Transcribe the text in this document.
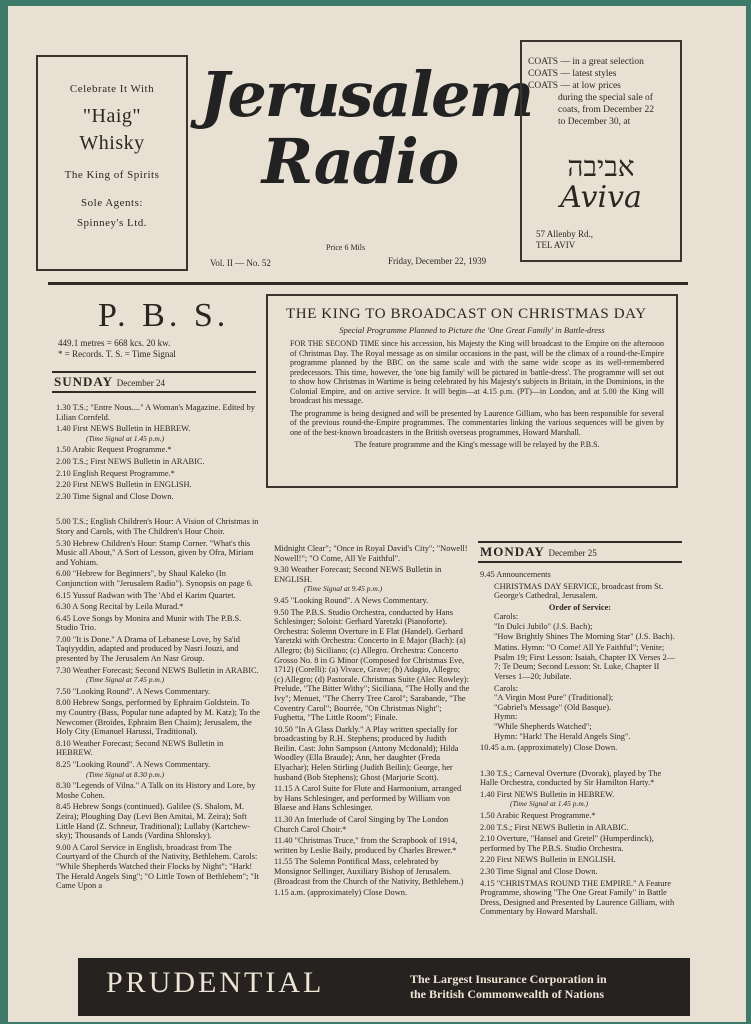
Celebrate It With
"Haig"
Whisky
The King of Spirits
Sole Agents:
Spinney's Ltd.
Jerusalem
Radio
Price 6 Mils
Vol. II — No. 52	Friday, December 22, 1939
COATS — in a great selection
COATS — latest styles
COATS — at low prices
during the special sale of
coats, from December 22
to December 30, at
אביבה
Aviva
57 Allenby Rd.,
TEL AVIV
P. B. S.
449.1 metres = 668 kcs. 20 kw.
* = Records. T. S. = Time Signal
THE KING TO BROADCAST ON CHRISTMAS DAY
Special Programme Planned to Picture the 'One Great Family' in Battle-dress

FOR THE SECOND TIME since his accession, his Majesty the King will broadcast to the Empire on the afternoon of Christmas Day. The Royal message as on similar occasions in the past, will be the climax of a round-the-Empire programme planned by the BBC on the same scale and with the same wide scope as its well-remembered predecessors. This time, however, the 'one big family' will be pictured in 'battle-dress'. The programme will set out to show how Christmas in Wartime is being celebrated by his Majesty's subjects in Britain, in the Dominions, in the Colonial Empire, and on active service. It will begin—at 4.15 p.m. (PT)—in London, and at 5.00 the King will broadcast his message.

The programme is being designed and will be presented by Laurence Gilliam, who has been responsible for several of the previous round-the-Empire programmes. The commentaries linking the various sequences will be given by one of the best-known broadcasters in the British overseas programmes, Howard Marshall.

The feature programme and the King's message will be relayed by the P.B.S.

SUNDAY December 24
1.30 T.S.; "Entre Nous...." A Woman's Magazine. Edited by Lilian Cornfeld.
1.40 First NEWS Bulletin in HEBREW.
(Time Signal at 1.45 p.m.)
1.50 Arabic Request Programme.*
2.00 T.S.; First NEWS Bulletin in ARABIC.
2.10 English Request Programme.*
2.20 First NEWS Bulletin in ENGLISH.
2.30 Time Signal and Close Down.
5.00 T.S.; English Children's Hour: A Vision of Christmas in Story and Carols, with The Children's Hour Choir.
5.30 Hebrew Children's Hour: Stamp Corner. "What's this Music all About," A Sort of Lesson, given by Ofra, Miriam and Yohiam.
6.00 "Hebrew for Beginners", by Shaul Kaleko (In Conjunction with "Jerusalem Radio"). Synopsis on page 6.
6.15 Yussuf Radwan with The 'Abd el Karim Quartet.
6.30 A Song Recital by Leila Murad.*
6.45 Love Songs by Monira and Munir with The P.B.S. Studio Trio.
7.00 "It is Done." A Drama of Lebanese Love, by Sa'id Taqiyyddin, adapted and produced by Nasri Jouzi, and presented by The Jerusalem An Nasr Group.
7.30 Weather Forecast; Second NEWS Bulletin in ARABIC.
(Time Signal at 7.45 p.m.)
7.50 "Looking Round". A News Commentary.
8.00 Hebrew Songs, performed by Ephraim Goldstein. To my Country (Bass, Popular tune adapted by M. Katz); To the Newcomer (Broides, Ephraim Ben Chaim); Jerusalem, the Holy City (Emanuel Harussi, Traditional).
8.10 Weather Forecast; Second NEWS Bulletin in HEBREW.
8.25 "Looking Round". A News Commentary.
(Time Signal at 8.30 p.m.)
8.30 "Legends of Vilna." A Talk on its History and Lore, by Moshe Cohen.
8.45 Hebrew Songs (continued). Galilee (S. Shalom, M. Zeira); Ploughing Day (Levi Ben Amitai, M. Zeira); Soft Little Hand (Z. Schneur, Traditional); Lullaby (Kartchew-sky); Thousands of Lands (Vardina Shlonsky).
9.00 A Carol Service in English, broadcast from The Courtyard of the Church of the Nativity, Bethlehem. Carols: "While Shepherds Watched their Flocks by Night"; "Hark! The Herald Angels Sing"; "O Little Town of Bethlehem"; "It Came Upon a
Midnight Clear"; "Once in Royal David's City"; "Nowell! Nowell!"; "O Come, All Ye Faithful".
9.30 Weather Forecast; Second NEWS Bulletin in ENGLISH.
(Time Signal at 9.45 p.m.)
9.45 "Looking Round". A News Commentary.
9.50 The P.B.S. Studio Orchestra, conducted by Hans Schlesinger; Soloist: Gerhard Yaretzki (Pianoforte). Orchestra: Solemn Overture in E Flat (Handel). Gerhard Yaretzki with Orchestra: Concerto in E Major (Bach): (a) Allegro; (b) Siciliano; (c) Allegro. Orchestra: Concerto Grosso No. 8 in G Minor (Composed for Christmas Eve, 1712) (Corelli): (a) Vivace, Grave; (b) Adagio, Allegro; (c) Allegro; (d) Pastorale. Christmas Suite (Alec Rowley): Prelude, "The Bitter Withy"; Siciliana, "The Holly and the Ivy"; Menuet, "The Cherry Tree Carol"; Sarabande, "The Coventry Carol"; Bourrée, "On Christmas Night"; Fughetta, "The Little Room"; Finale.
10.50 "In A Glass Darkly." A Play written specially for broadcasting by R.H. Stephens; produced by Judith Beilin. Cast: John Sampson (Antony Mcdonald); Hilda Woodley (Ella Braude); Ann, her daughter (Freda Elyachar); Helen Stirling (Judith Beilin); George, her husband (Bob Stephens); Ghost (Marjorie Scott).
11.15 A Carol Suite for Flute and Harmonium, arranged by Hans Schlesinger, and performed by William von Blaese and Hans Schlesinger.
11.30 An Interlude of Carol Singing by The London Church Carol Choir.*
11.40 "Christmas Truce," from the Scrapbook of 1914, written by Leslie Baily, produced by Charles Brewer.*
11.55 The Solemn Pontifical Mass, celebrated by Monsignor Sellinger, Auxiliary Bishop of Jerusalem. (Broadcast from the Church of the Nativity, Bethlehem.)
1.15 a.m. (approximately) Close Down.
MONDAY December 25
9.45 Announcements
CHRISTMAS DAY SERVICE, broadcast from St. George's Cathedral, Jerusalem.
Order of Service:
Carols:
"In Dulci Jubilo" (J.S. Bach);
"How Brightly Shines The Morning Star" (J.S. Bach).
Matins. Hymn: "O Come! All Ye Faithful"; Venite; Psalm 19; First Lesson: Isaiah, Chapter IX Verses 2—7; Te Deum; Second Lesson: St. Luke, Chapter II Verses 1—20; Jubilate.
Carols:
"A Virgin Most Pure" (Traditional);
"Gabriel's Message" (Old Basque).
Hymn:
"While Shepherds Watched";
Hymn: "Hark! The Herald Angels Sing".
10.45 a.m. (approximately) Close Down.
1.30 T.S.; Carneval Overture (Dvorak), played by The Halle Orchestra, conducted by Sir Hamilton Harty.*
1.40 First NEWS Bulletin in HEBREW.
(Time Signal at 1.45 p.m.)
1.50 Arabic Request Programme.*
2.00 T.S.; First NEWS Bulletin in ARABIC.
2.10 Overture, "Hansel and Gretel" (Humperdinck), performed by The P.B.S. Studio Orchestra.
2.20 First NEWS Bulletin in ENGLISH.
2.30 Time Signal and Close Down.
4.15 "CHRISTMAS ROUND THE EMPIRE." A Feature Programme, showing "The One Great Family" in Battle Dress, Designed and Presented by Laurence Gilliam, with Commentary by Howard Marshall.
PRUDENTIAL	The Largest Insurance Corporation in
the British Commonwealth of Nations
